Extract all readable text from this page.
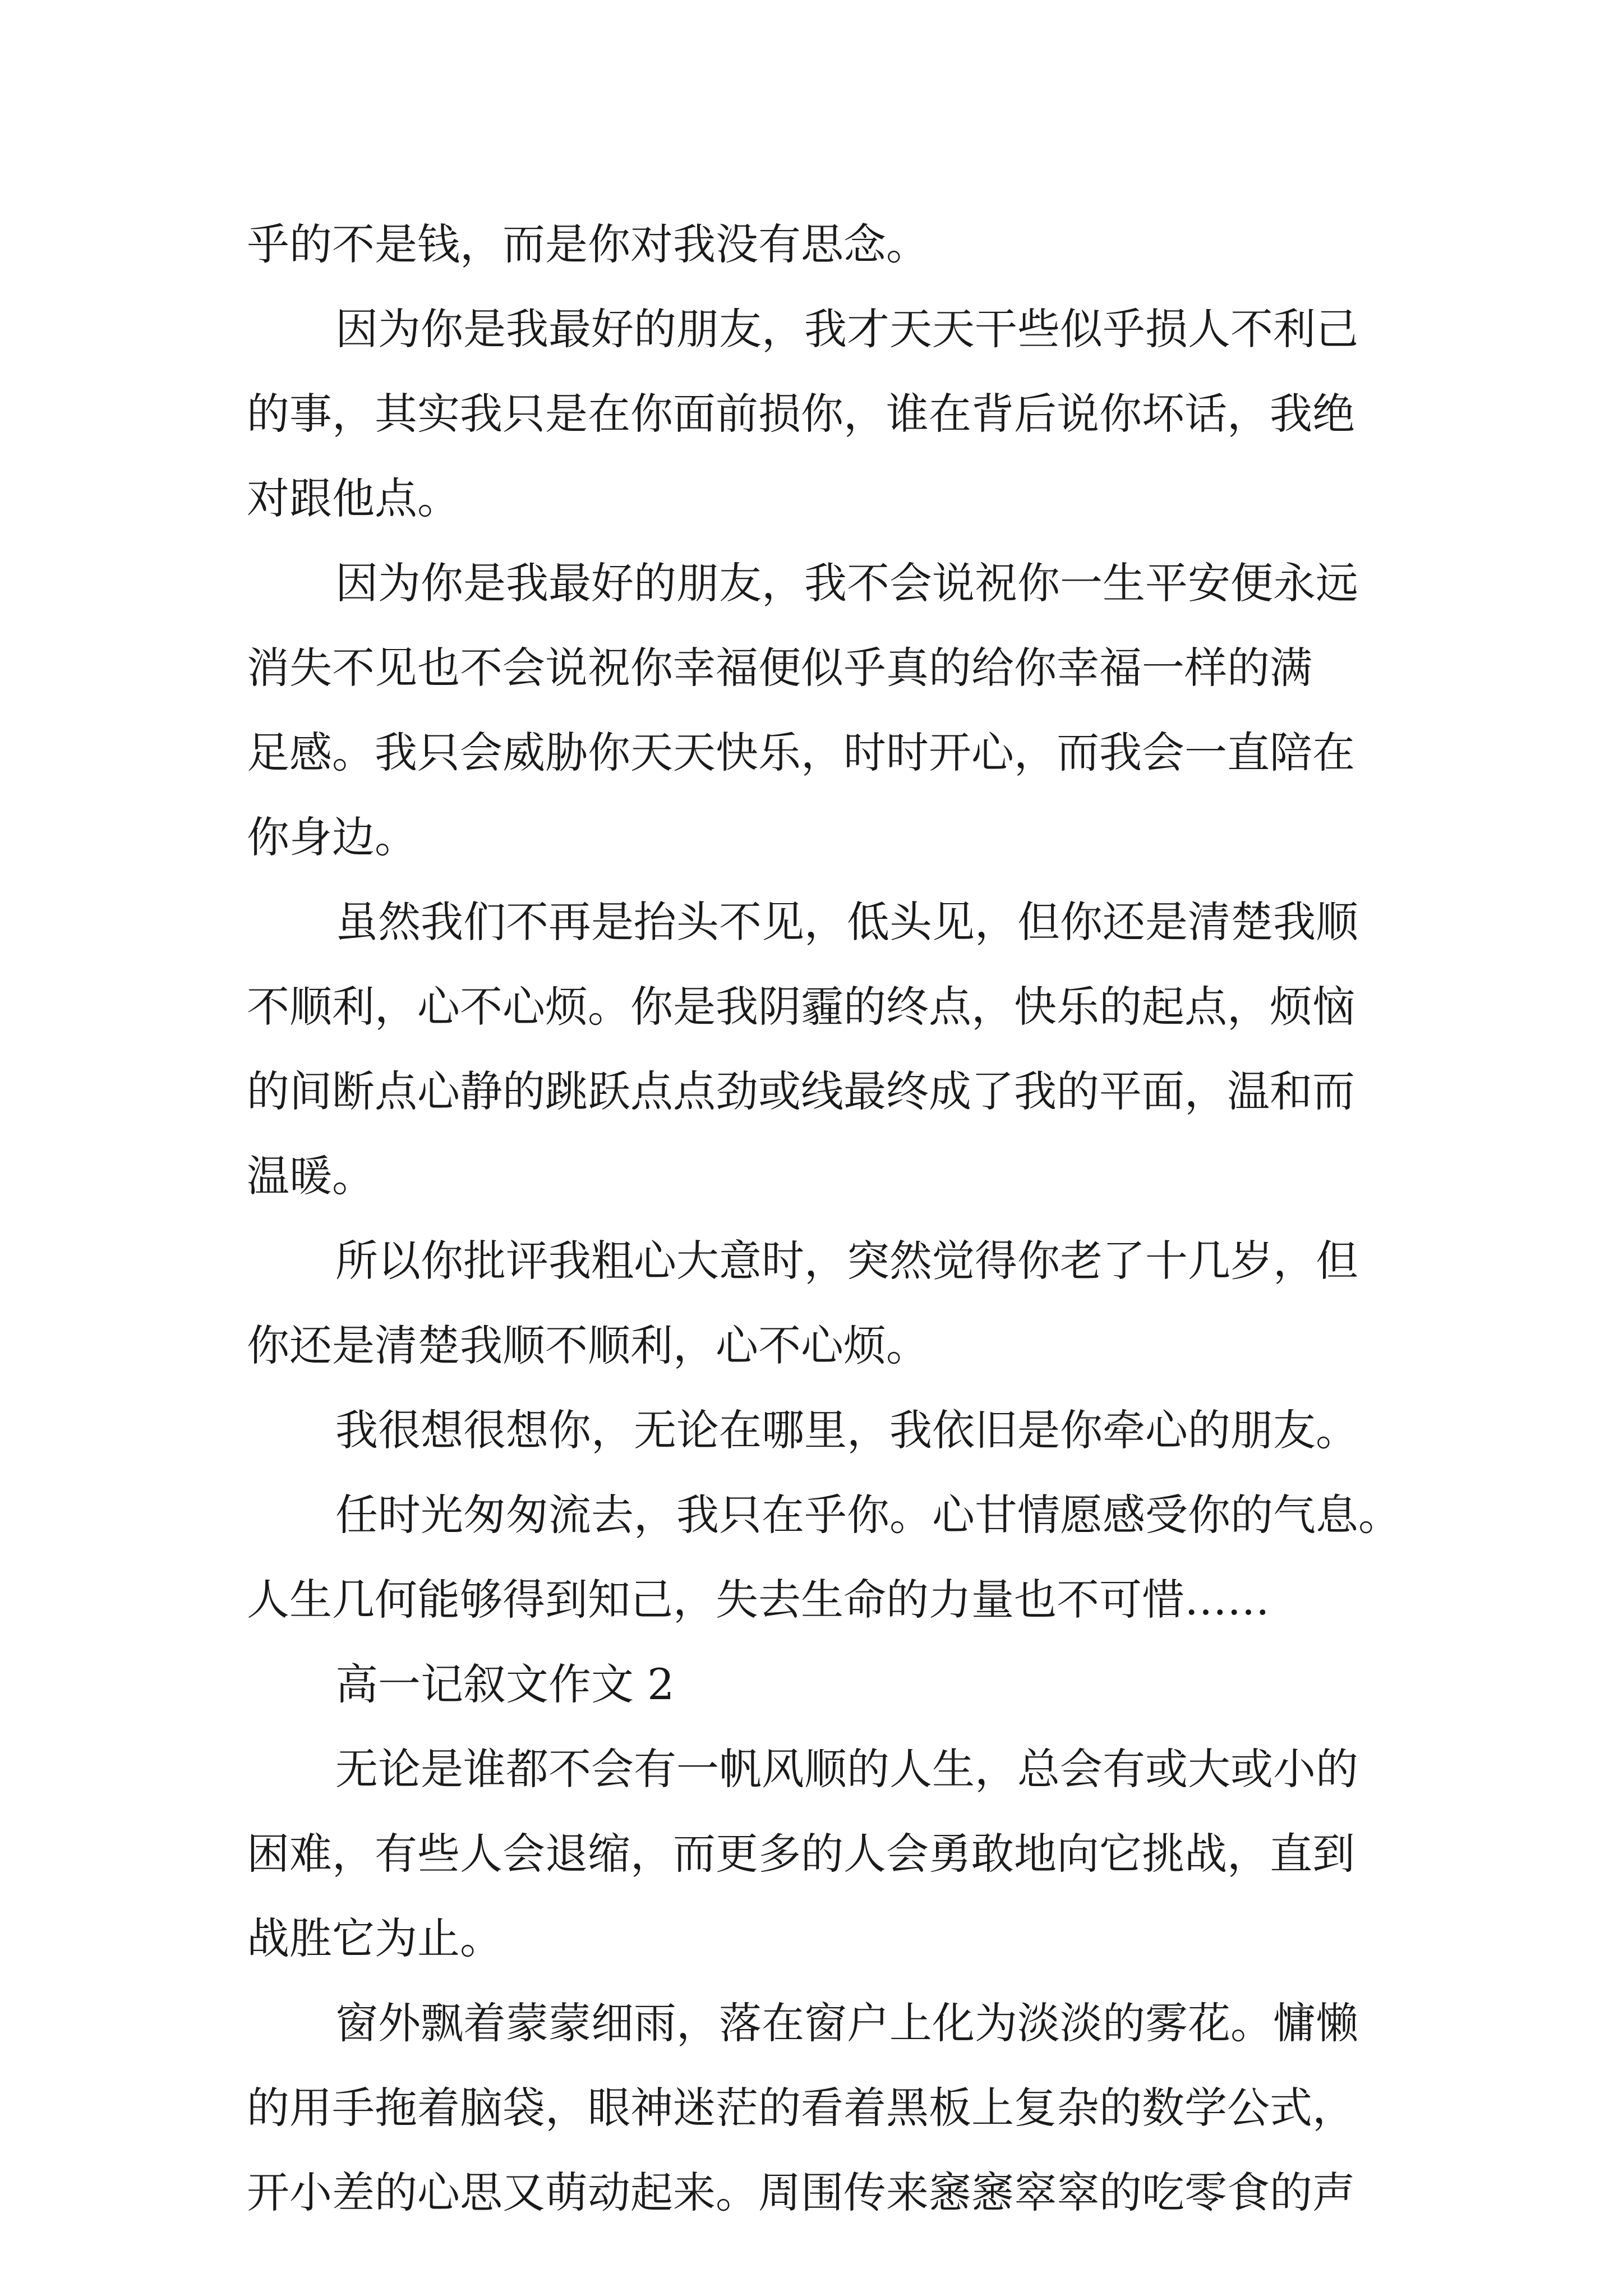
乎的不是钱，而是你对我没有思念。
因为你是我最好的朋友，我才天天干些似乎损人不利己
的事，其实我只是在你面前损你，谁在背后说你坏话，我绝
对跟他点。
因为你是我最好的朋友，我不会说祝你一生平安便永远
消失不见也不会说祝你幸福便似乎真的给你幸福一样的满
足感。我只会威胁你天天快乐，时时开心，而我会一直陪在
你身边。
虽然我们不再是抬头不见，低头见，但你还是清楚我顺
不顺利，心不心烦。你是我阴霾的终点，快乐的起点，烦恼
的间断点心静的跳跃点点劲或线最终成了我的平面，温和而
温暖。
所以你批评我粗心大意时，突然觉得你老了十几岁，但
你还是清楚我顺不顺利，心不心烦。
我很想很想你，无论在哪里，我依旧是你牵心的朋友。
任时光匆匆流去，我只在乎你。心甘情愿感受你的气息。
人生几何能够得到知己，失去生命的力量也不可惜……
高一记叙文作文 2
无论是谁都不会有一帆风顺的人生，总会有或大或小的
困难，有些人会退缩，而更多的人会勇敢地向它挑战，直到
战胜它为止。
窗外飘着蒙蒙细雨，落在窗户上化为淡淡的雾花。慵懒
的用手拖着脑袋，眼神迷茫的看着黑板上复杂的数学公式，
开小差的心思又萌动起来。周围传来窸窸窣窣的吃零食的声
